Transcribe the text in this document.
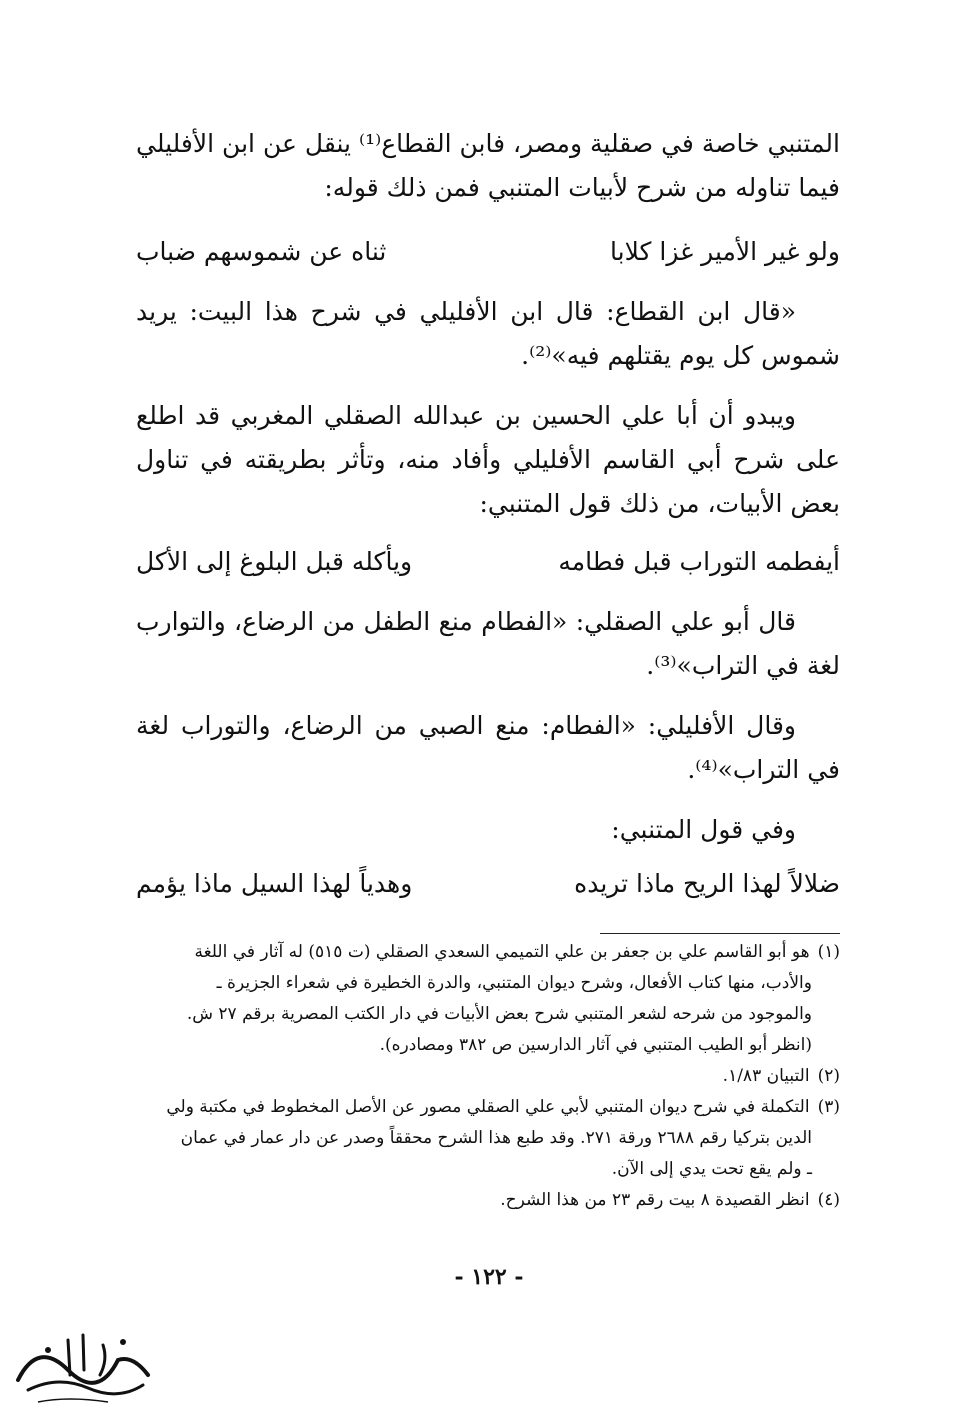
المتنبي خاصة في صقلية ومصر، فابن القطاع⁽¹⁾ ينقل عن ابن الأفليلي فيما تناوله من شرح لأبيات المتنبي فمن ذلك قوله:
ولو غير الأمير غزا كلابا
ثناه عن شموسهم ضباب
«قال ابن القطاع: قال ابن الأفليلي في شرح هذا البيت: يريد شموس كل يوم يقتلهم فيه»⁽²⁾.
ويبدو أن أبا علي الحسين بن عبدالله الصقلي المغربي قد اطلع على شرح أبي القاسم الأفليلي وأفاد منه، وتأثر بطريقته في تناول بعض الأبيات، من ذلك قول المتنبي:
أيفطمه التوراب قبل فطامه
ويأكله قبل البلوغ إلى الأكل
قال أبو علي الصقلي: «الفطام منع الطفل من الرضاع، والتوارب لغة في التراب»⁽³⁾.
وقال الأفليلي: «الفطام: منع الصبي من الرضاع، والتوراب لغة في التراب»⁽⁴⁾.
وفي قول المتنبي:
ضلالاً لهذا الريح ماذا تريده
وهدياً لهذا السيل ماذا يؤمم

(١)هو أبو القاسم علي بن جعفر بن علي التميمي السعدي الصقلي (ت ٥١٥) له آثار في اللغة

والأدب، منها كتاب الأفعال، وشرح ديوان المتنبي، والدرة الخطيرة في شعراء الجزيرة ـ

والموجود من شرحه لشعر المتنبي شرح بعض الأبيات في دار الكتب المصرية برقم ٢٧ ش.

(انظر أبو الطيب المتنبي في آثار الدارسين ص ٣٨٢ ومصادره).

(٢)التبيان ١/٨٣.

(٣)التكملة في شرح ديوان المتنبي لأبي علي الصقلي مصور عن الأصل المخطوط في مكتبة ولي

الدين بتركيا رقم ٢٦٨٨ ورقة ٢٧١. وقد طبع هذا الشرح محققاً وصدر عن دار عمار في عمان

ـ ولم يقع تحت يدي إلى الآن.

(٤)انظر القصيدة ٨ بيت رقم ٢٣ من هذا الشرح.

- ١٢٢ -
